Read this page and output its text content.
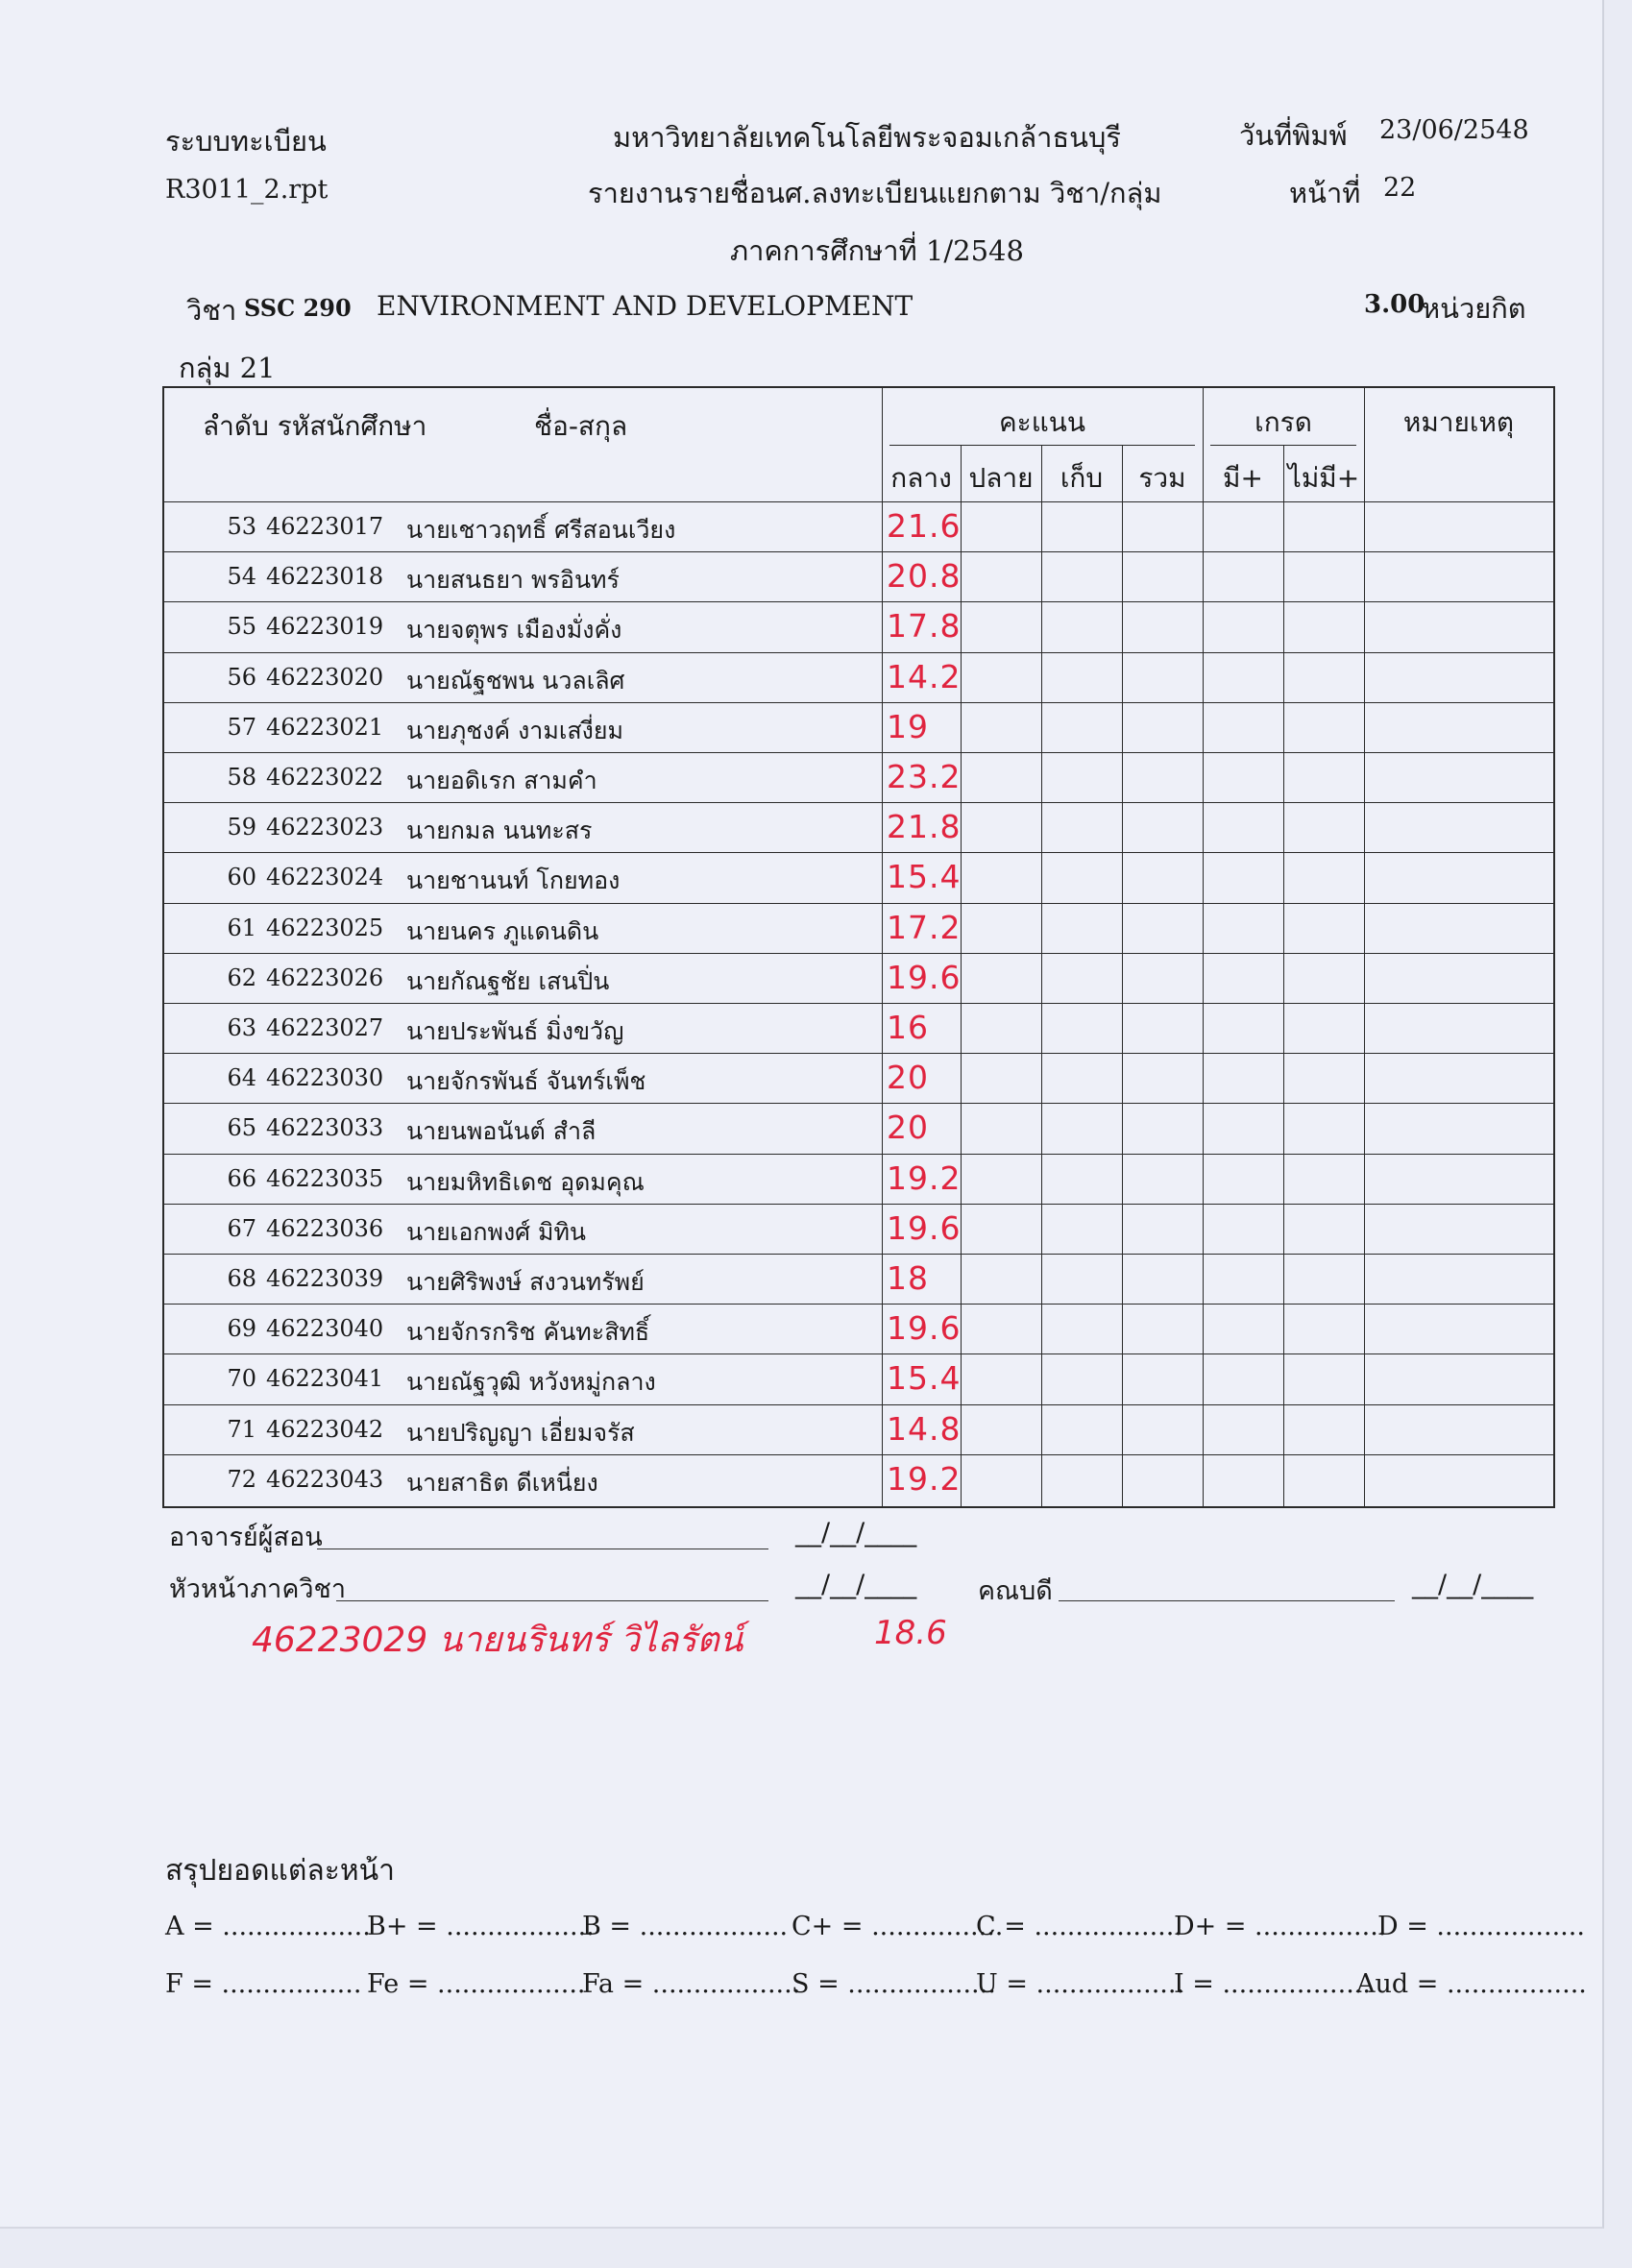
ระบบทะเบียน
R3011_2.rpt
มหาวิทยาลัยเทคโนโลยีพระจอมเกล้าธนบุรี
รายงานรายชื่อนศ.ลงทะเบียนแยกตาม วิชา/กลุ่ม
ภาคการศึกษาที่ 1/2548
วันที่พิมพ์ 23/06/2548
หน้าที่ 22
วิชา SSC 290 ENVIRONMENT AND DEVELOPMENT	3.00
หน่วยกิต
กลุ่ม 21
ลำดับ รหัสนักศึกษา	ชื่อ-สกุล	คะแนน	เกรด	หมายเหตุ
กลาง ปลาย	เก็บ	รวม	มี+ ไม่มี+
53 46223017 นายเชาวฤทธิ์ ศรีสอนเวียง	21.6
54 46223018 นายสนธยา พรอินทร์	20.8
55 46223019 นายจตุพร เมืองมั่งคั่ง	17.8
56 46223020 นายณัฐชพน นวลเลิศ	14.2
57 46223021 นายภุชงค์ งามเสงี่ยม	19
58 46223022 นายอดิเรก สามคำ	23.2
59 46223023 นายกมล นนทะสร	21.8
60 46223024 นายชานนท์ โกยทอง	15.4
61 46223025 นายนคร ภูแดนดิน	17.2
62 46223026 นายกัณฐชัย เสนปิ่น	19.6
63 46223027 นายประพันธ์ มิ่งขวัญ	16
64 46223030 นายจักรพันธ์ จันทร์เพ็ช	20
65 46223033 นายนพอนันต์ สำลี	20
66 46223035 นายมหิทธิเดช อุดมคุณ	19.2
67 46223036 นายเอกพงศ์ มิทิน	19.6
68 46223039 นายศิริพงษ์ สงวนทรัพย์	18
69 46223040 นายจักรกริช คันทะสิทธิ์	19.6
70 46223041 นายณัฐวุฒิ หวังหมู่กลาง	15.4
71 46223042 นายปริญญา เอี่ยมจรัส	14.8
72 46223043 นายสาธิต ดีเหนี่ยง	19.2
อาจารย์ผู้สอน	__/__/____
หัวหน้าภาควิชา	__/__/____ คณบดี	__/__/____
46223029 นายนรินทร์ วิไลรัตน์	18.6
สรุปยอดแต่ละหน้า
A = ..................
B+ = ..................
B = .................. C+ = ................
C = ..................
D+ = ................
D = ..................
F = ................. Fe = ..................
Fa = ..................
S = ..................
U = ..................
I = ..................
Aud = .................
